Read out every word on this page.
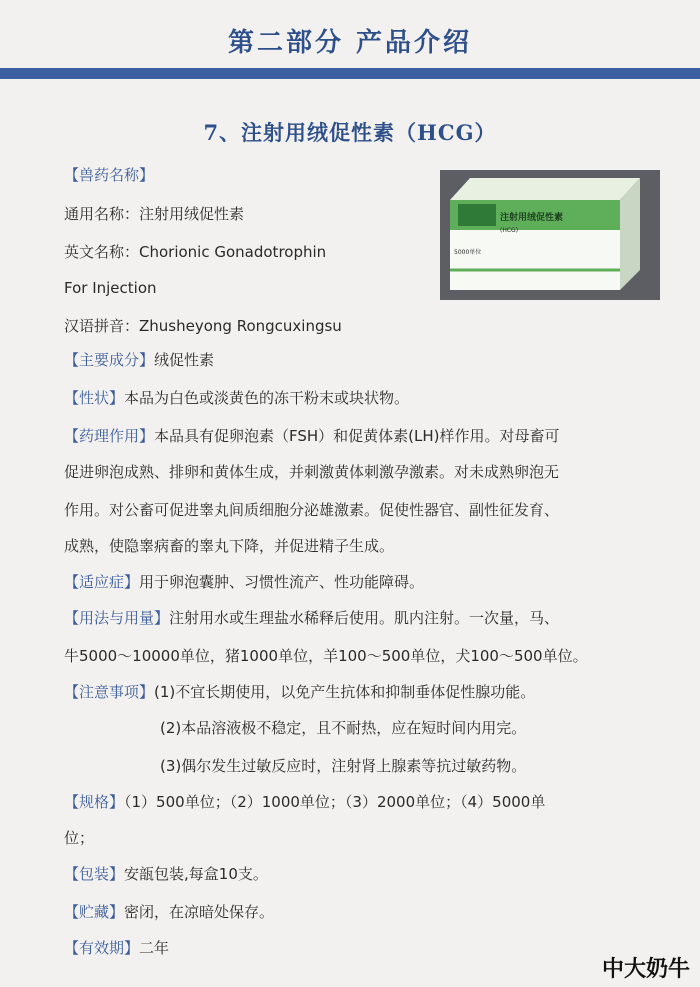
第二部分 产品介绍
7、注射用绒促性素（HCG）
【兽药名称】
通用名称：注射用绒促性素
英文名称：Chorionic Gonadotrophin
For Injection
汉语拼音：Zhusheyong Rongcuxingsu
【主要成分】绒促性素
【性状】本品为白色或淡黄色的冻干粉末或块状物。
【药理作用】本品具有促卵泡素（FSH）和促黄体素(LH)样作用。对母畜可
促进卵泡成熟、排卵和黄体生成，并刺激黄体刺激孕激素。对未成熟卵泡无
作用。对公畜可促进睾丸间质细胞分泌雄激素。促使性器官、副性征发育、
成熟，使隐睾病畜的睾丸下降，并促进精子生成。
【适应症】用于卵泡囊肿、习惯性流产、性功能障碍。
【用法与用量】注射用水或生理盐水稀释后使用。肌内注射。一次量，马、
牛5000～10000单位，猪1000单位，羊100～500单位，犬100～500单位。
【注意事项】(1)不宜长期使用，以免产生抗体和抑制垂体促性腺功能。
(2)本品溶液极不稳定，且不耐热，应在短时间内用完。
(3)偶尔发生过敏反应时，注射肾上腺素等抗过敏药物。
【规格】（1）500单位；（2）1000单位；（3）2000单位；（4）5000单
位；
【包装】安瓿包装,每盒10支。
【贮藏】密闭，在凉暗处保存。
【有效期】二年
注射用绒促性素
(HCG)
5000单位
中大奶牛
